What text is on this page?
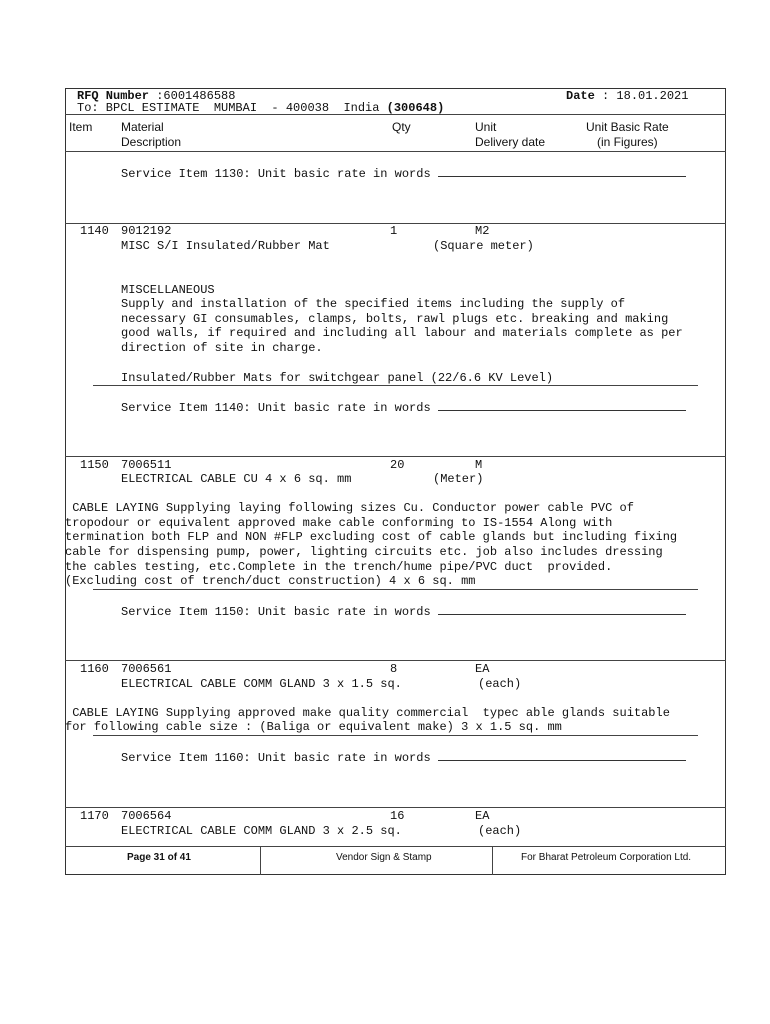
RFQ Number :6001486588	Date : 18.01.2021
To: BPCL ESTIMATE  MUMBAI  - 400038  India (300648)
Item Material
Description
Qty	Unit
Delivery date
Unit Basic Rate
(in Figures)
Service Item 1130: Unit basic rate in words
1140 9012192	1	M2
MISC S/I Insulated/Rubber Mat	(Square meter)
MISCELLANEOUS
Supply and installation of the specified items including the supply of
necessary GI consumables, clamps, bolts, rawl plugs etc. breaking and making
good walls, if required and including all labour and materials complete as per
direction of site in charge.
Insulated/Rubber Mats for switchgear panel (22/6.6 KV Level)
Service Item 1140: Unit basic rate in words
1150 7006511	20	M
ELECTRICAL CABLE CU 4 x 6 sq. mm	(Meter)
CABLE LAYING Supplying laying following sizes Cu. Conductor power cable PVC of
tropodour or equivalent approved make cable conforming to IS-1554 Along with
termination both FLP and NON #FLP excluding cost of cable glands but including fixing
cable for dispensing pump, power, lighting circuits etc. job also includes dressing
the cables testing, etc.Complete in the trench/hume pipe/PVC duct  provided.
(Excluding cost of trench/duct construction) 4 x 6 sq. mm
Service Item 1150: Unit basic rate in words
1160 7006561	8	EA
ELECTRICAL CABLE COMM GLAND 3 x 1.5 sq.	(each)
CABLE LAYING Supplying approved make quality commercial  typec able glands suitable
for following cable size : (Baliga or equivalent make) 3 x 1.5 sq. mm
Service Item 1160: Unit basic rate in words
1170 7006564	16	EA
ELECTRICAL CABLE COMM GLAND 3 x 2.5 sq.	(each)
Page 31 of 41	Vendor Sign & Stamp	For Bharat Petroleum Corporation Ltd.
